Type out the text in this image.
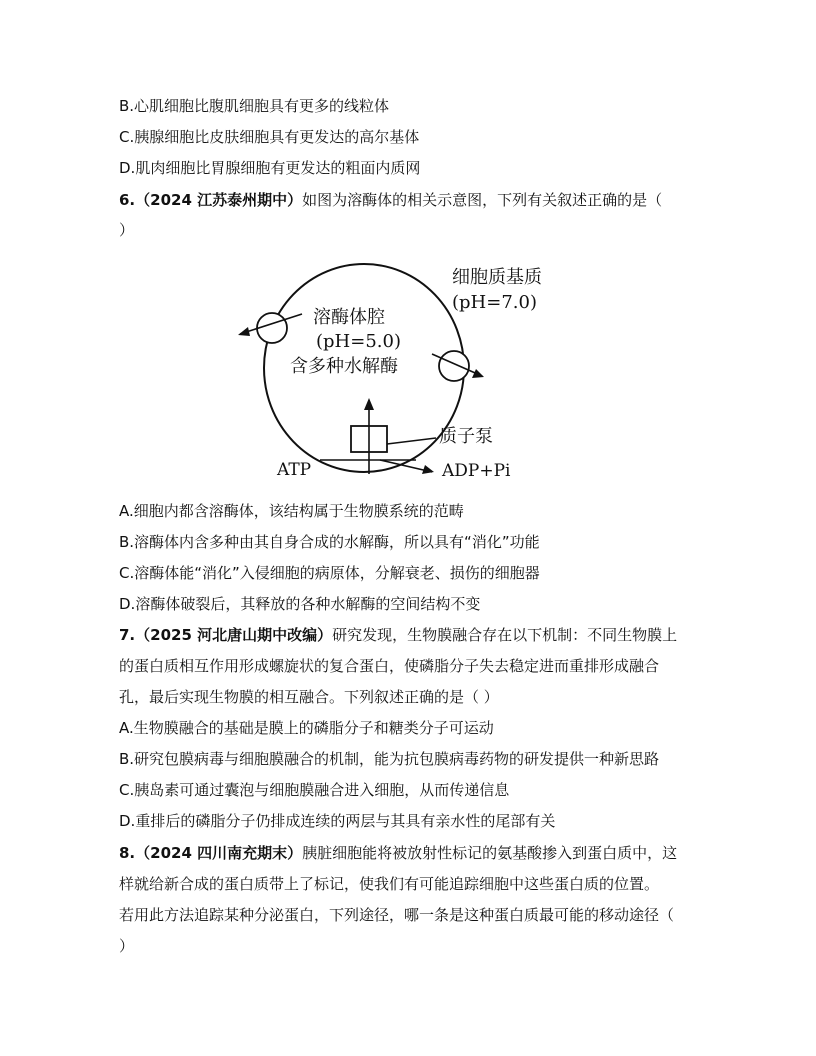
B.心肌细胞比腹肌细胞具有更多的线粒体
C.胰腺细胞比皮肤细胞具有更发达的高尔基体
D.肌肉细胞比胃腺细胞有更发达的粗面内质网
6.（2024 江苏泰州期中）如图为溶酶体的相关示意图，下列有关叙述正确的是（
）
细胞质基质
(pH=7.0)
溶酶体腔
(pH=5.0)
含多种水解酶
质子泵
ATP	ADP+Pi
A.细胞内都含溶酶体，该结构属于生物膜系统的范畴
B.溶酶体内含多种由其自身合成的水解酶，所以具有“消化”功能
C.溶酶体能“消化”入侵细胞的病原体，分解衰老、损伤的细胞器
D.溶酶体破裂后，其释放的各种水解酶的空间结构不变
7.（2025 河北唐山期中改编）研究发现，生物膜融合存在以下机制：不同生物膜上
的蛋白质相互作用形成螺旋状的复合蛋白，使磷脂分子失去稳定进而重排形成融合
孔，最后实现生物膜的相互融合。下列叙述正确的是（ ）
A.生物膜融合的基础是膜上的磷脂分子和糖类分子可运动
B.研究包膜病毒与细胞膜融合的机制，能为抗包膜病毒药物的研发提供一种新思路
C.胰岛素可通过囊泡与细胞膜融合进入细胞，从而传递信息
D.重排后的磷脂分子仍排成连续的两层与其具有亲水性的尾部有关
8.（2024 四川南充期末）胰脏细胞能将被放射性标记的氨基酸掺入到蛋白质中，这
样就给新合成的蛋白质带上了标记，使我们有可能追踪细胞中这些蛋白质的位置。
若用此方法追踪某种分泌蛋白，下列途径，哪一条是这种蛋白质最可能的移动途径（
）
